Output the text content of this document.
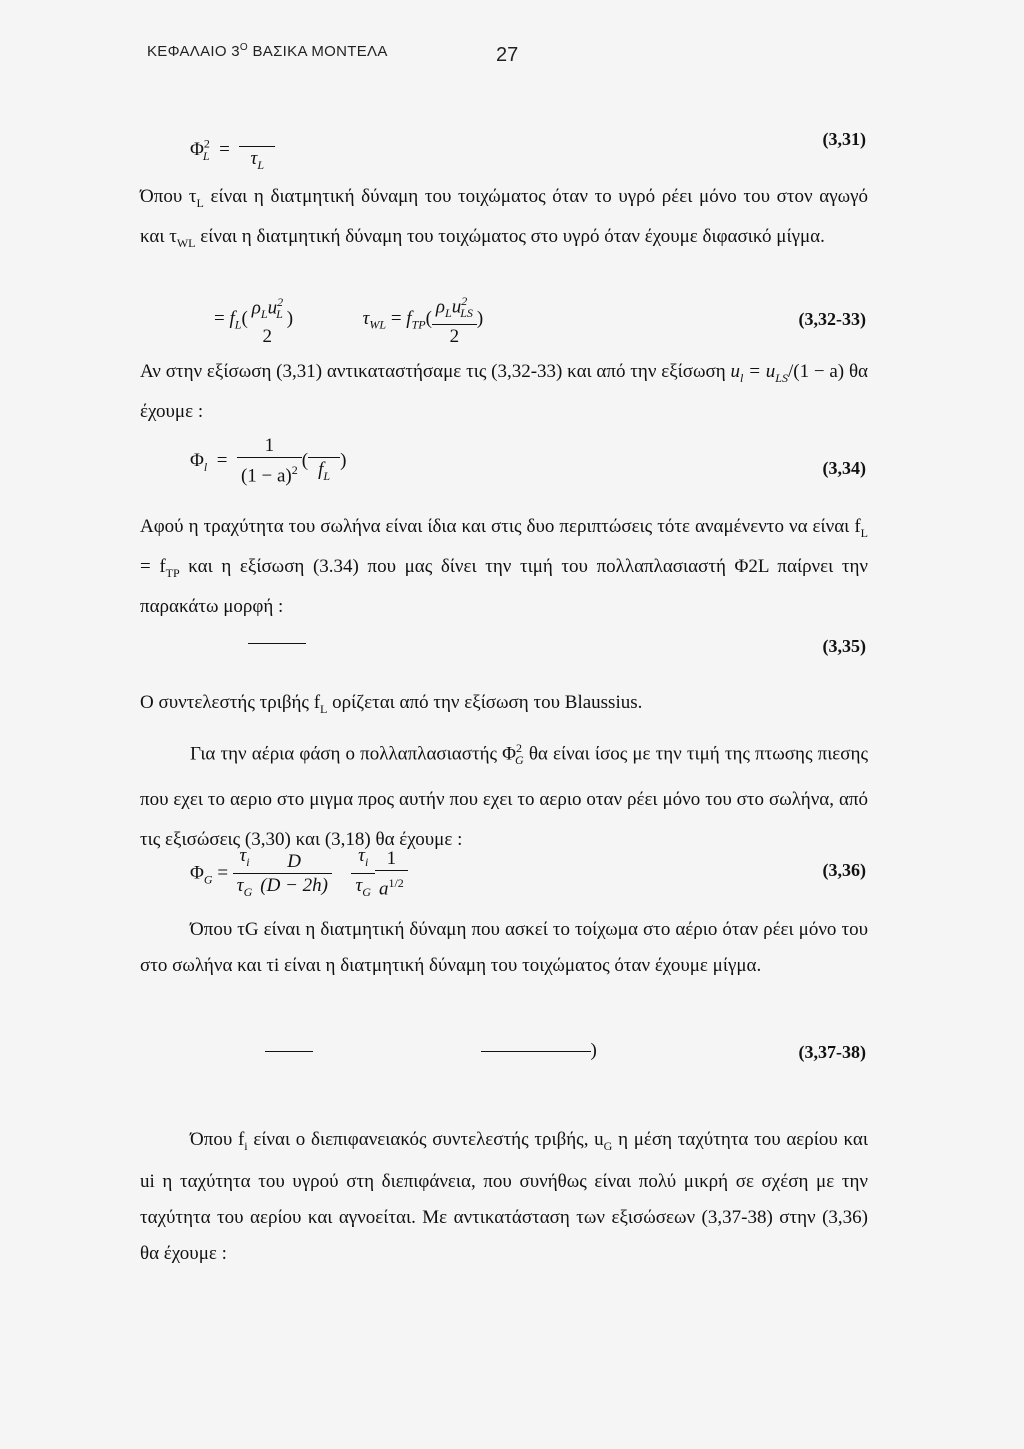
ΚΕΦΑΛΑΙΟ $3^O$ ΒΑΣΙΚΑ ΜΟΝΤΕΛΑ	27
$\Phi^2_L$  =
$\tau_L$
(3,31)

Όπου $\tau_L$ είναι η διατμητική δύναμη του τοιχώματος όταν το υγρό ρέει μόνο του στον αγωγό και $\tau_{WL}$ είναι η διατμητική δύναμη του τοιχώματος στο υγρό όταν έχουμε διφασικό μίγμα.

= $f_L$(
$\rho_Lu^2_L$
2
)	$\tau_{WL} = f_{TP}( \frac{\rho_Lu^2_{LS}}{2}$ )	(3,32-33)

Αν στην εξίσωση (3,31) αντικαταστήσαμε τις (3,32-33) και από την εξίσωση $u_l = u_{LS}/(1 - a)$ θα έχουμε :

$\Phi_l = \frac{1}{(1 - a)^2}$ (
$f_L$
)	(3,34)

Αφού η τραχύτητα του σωλήνα είναι ίδια και στις δυο περιπτώσεις τότε αναμένεντο να είναι $f_L = f_{TP}$ και η εξίσωση (3.34) που μας δίνει την τιμή του πολλαπλασιαστή Φ2L παίρνει την παρακάτω μορφή :

(3,35)

Ο συντελεστής τριβής $f_L$ ορίζεται από την εξίσωση του Blaussius.

Για την αέρια φάση ο πολλαπλασιαστής $\Phi^2_G$ θα είναι ίσος με την τιμή της πτωσης πιεσης που εχει το αεριο στο μιγμα προς αυτήν που εχει το αεριο οταν ρέει μόνο του στο σωλήνα, από τις εξισώσεις (3,30) και (3,18) θα έχουμε :

$\Phi_G = \frac{\tau_i}{\tau_G} \frac{D}{(D - 2h)}$
$\frac{\tau_i}{\tau_G} \frac{1}{a^{1/2}}$	(3,36)

Όπου τG είναι η διατμητική δύναμη που ασκεί το τοίχωμα στο αέριο όταν ρέει μόνο του στο σωλήνα και τi είναι η διατμητική δύναμη του τοιχώματος όταν έχουμε μίγμα.

)	(3,37-38)

Όπου $f_i$ είναι ο διεπιφανειακός συντελεστής τριβής, $u_G$ η μέση ταχύτητα του αερίου και ui η ταχύτητα του υγρού στη διεπιφάνεια, που συνήθως είναι πολύ μικρή σε σχέση με την ταχύτητα του αερίου και αγνοείται. Με αντικατάσταση των εξισώσεων (3,37-38) στην (3,36) θα έχουμε :
